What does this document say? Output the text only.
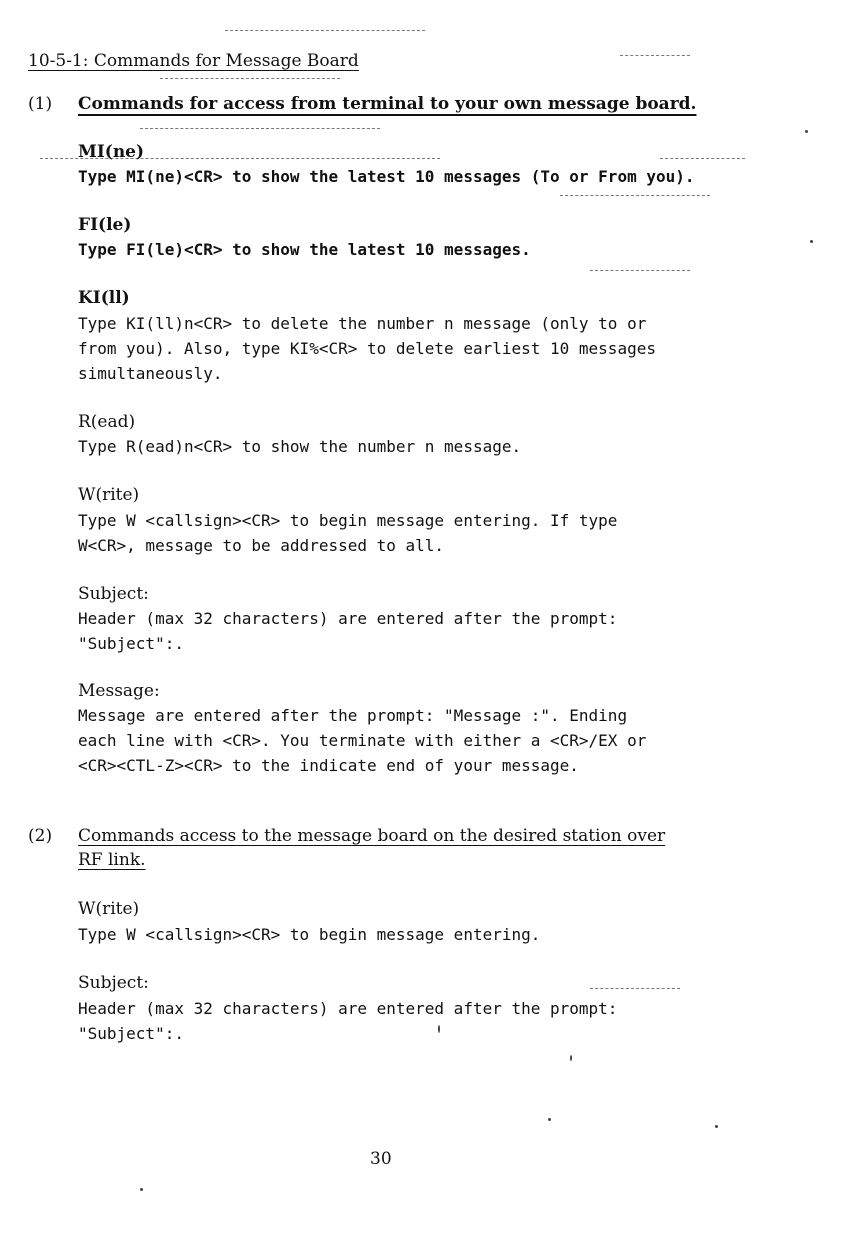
10-5-1: Commands for Message Board
(1) Commands for access from terminal to your own message board.
MI(ne)
Type MI(ne)<CR> to show the latest 10 messages (To or From you).
FI(le)
Type FI(le)<CR> to show the latest 10 messages.
KI(ll)
Type KI(ll)n<CR> to delete the number n message (only to or
from you). Also, type KI%<CR> to delete earliest 10 messages
simultaneously.
R(ead)
Type R(ead)n<CR> to show the number n message.
W(rite)
Type W <callsign><CR> to begin message entering. If type
W<CR>, message to be addressed to all.
Subject:
Header (max 32 characters) are entered after the prompt:
"Subject":.
Message:
Message are entered after the prompt: "Message :". Ending
each line with <CR>. You terminate with either a <CR>/EX or
<CR><CTL-Z><CR> to the indicate end of your message.
(2) Commands access to the message board on the desired station over
RF link.
W(rite)
Type W <callsign><CR> to begin message entering.
Subject:
Header (max 32 characters) are entered after the prompt:
"Subject":.
30
